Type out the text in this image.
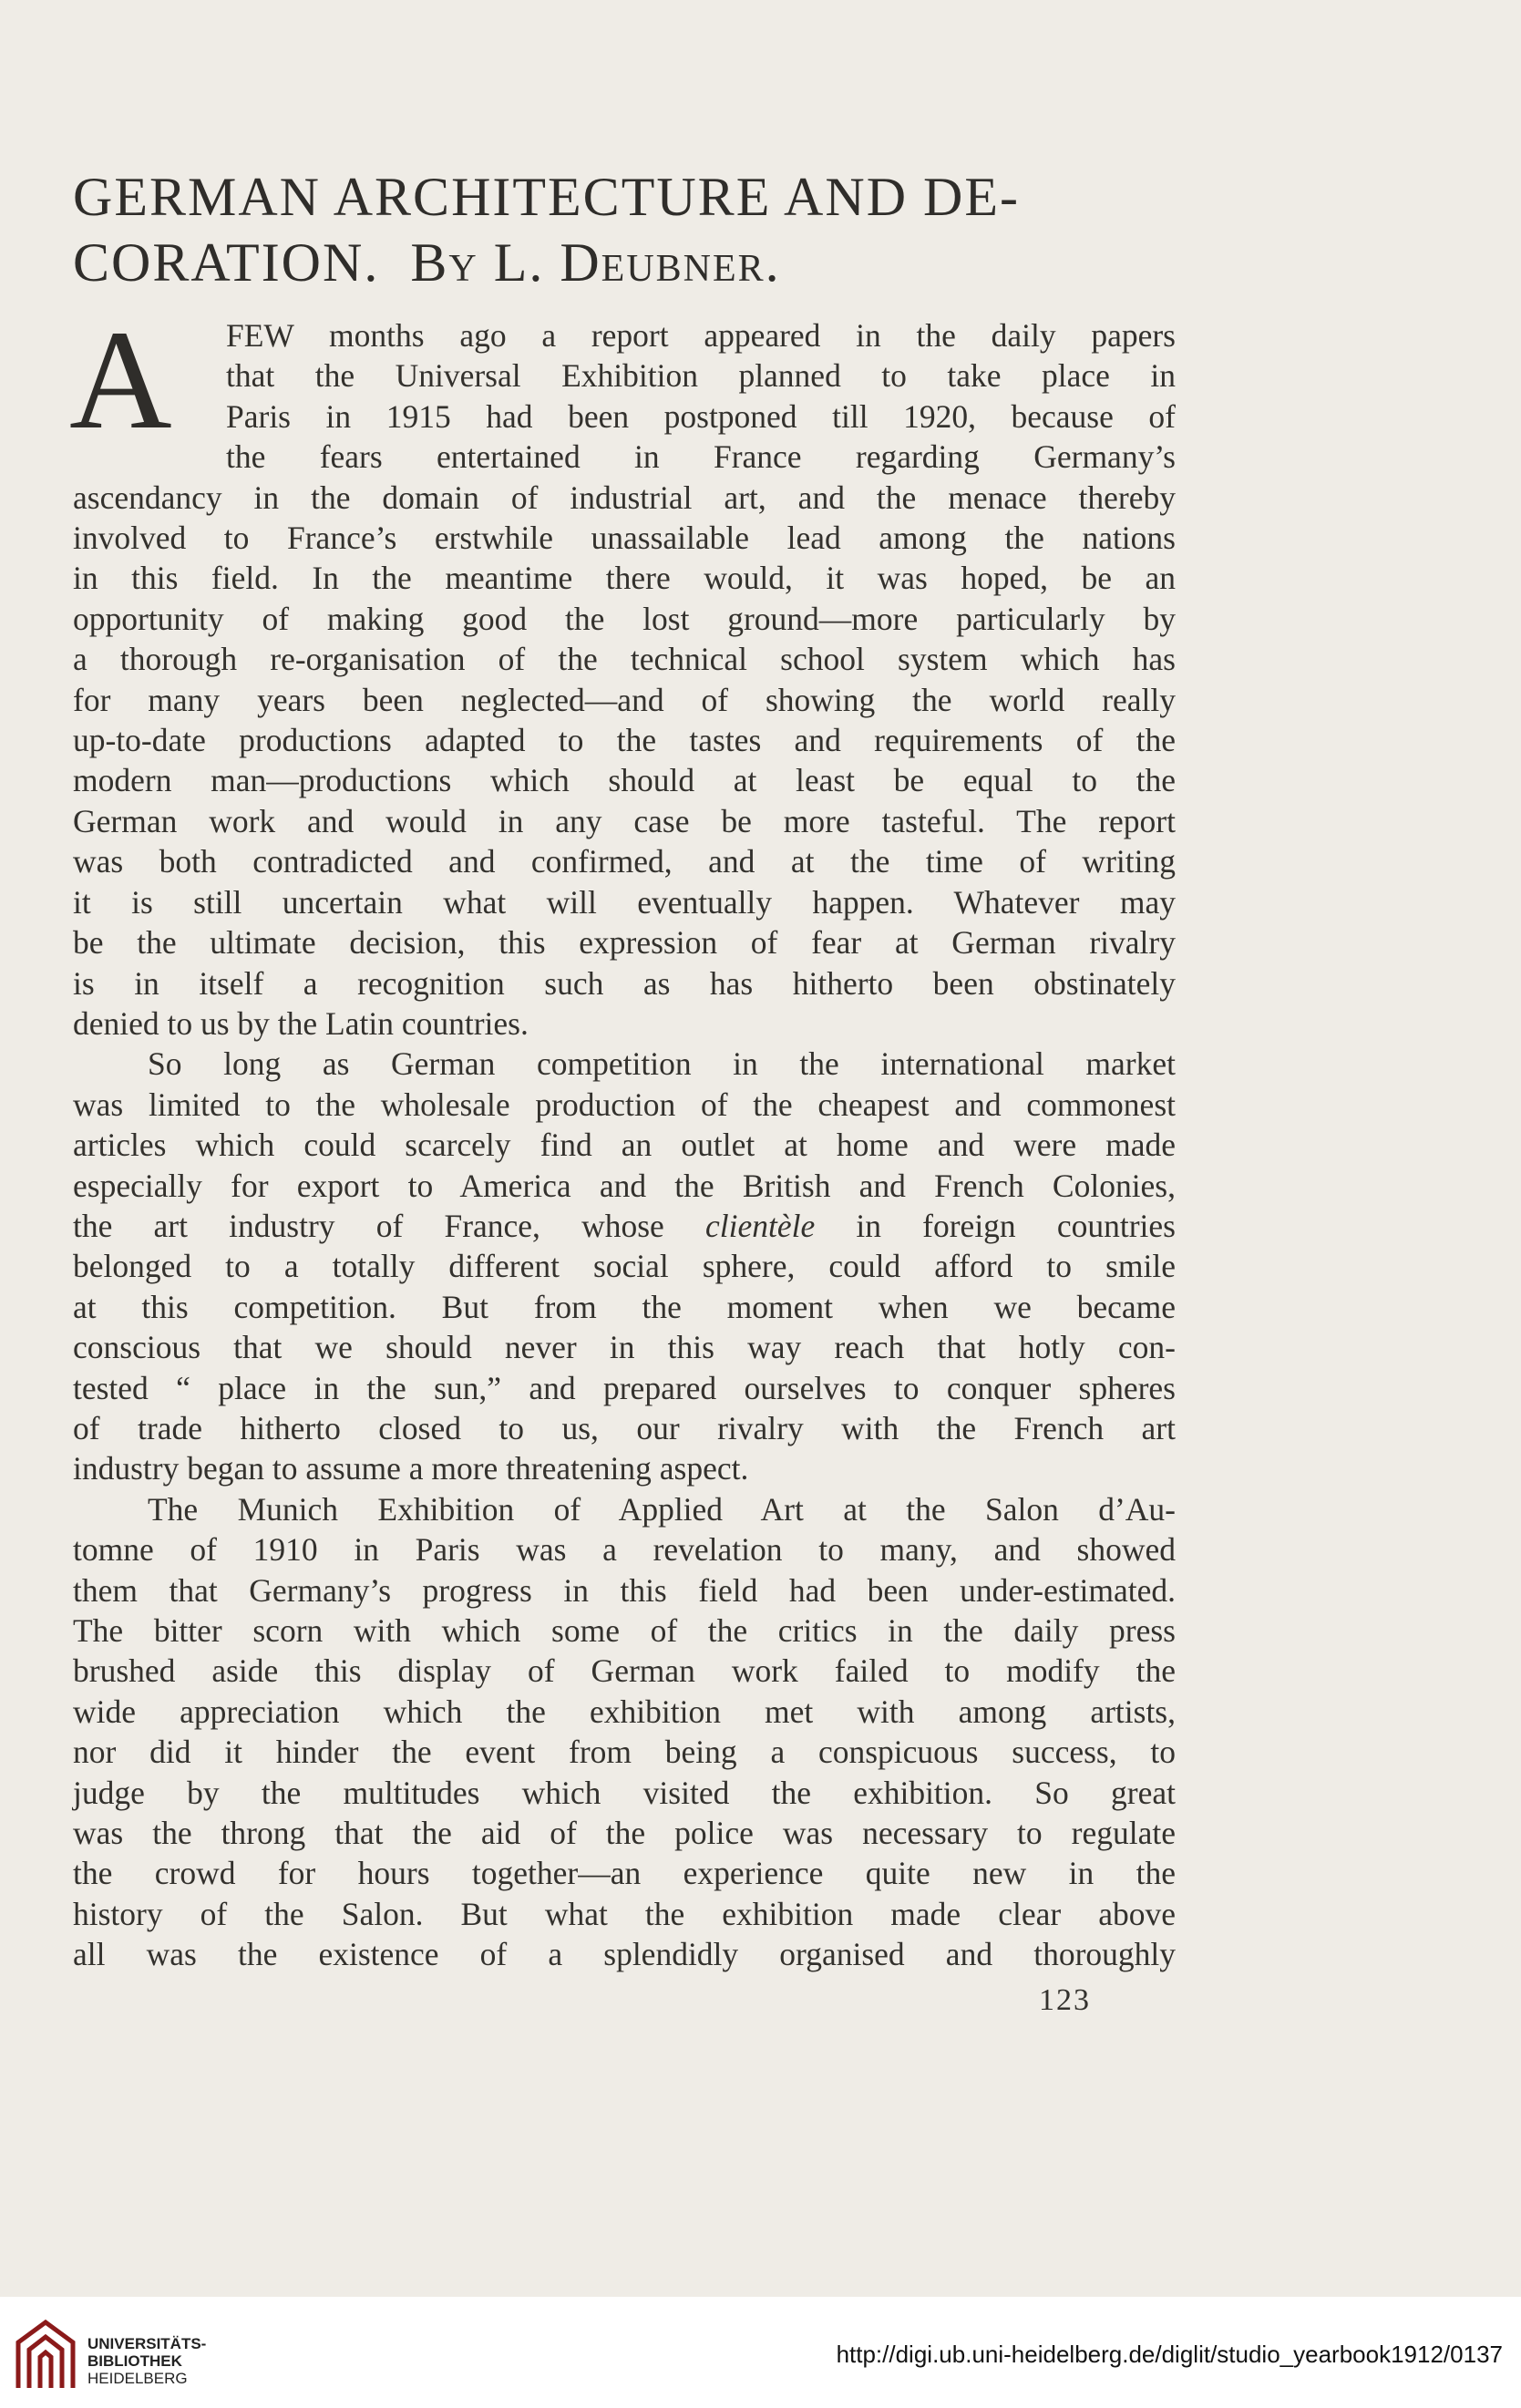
GERMAN ARCHITECTURE AND DE-
CORATION. By L. Deubner.
A	FEW months ago a report appeared in the daily papers
that the Universal Exhibition planned to take place in
Paris in 1915 had been postponed till 1920, because of
the fears entertained in France regarding Germany’s
ascendancy in the domain of industrial art, and the menace thereby
involved to France’s erstwhile unassailable lead among the nations
in this field. In the meantime there would, it was hoped, be an
opportunity of making good the lost ground—more particularly by
a thorough re-organisation of the technical school system which has
for many years been neglected—and of showing the world really
up-to-date productions adapted to the tastes and requirements of the
modern man—productions which should at least be equal to the
German work and would in any case be more tasteful. The report
was both contradicted and confirmed, and at the time of writing
it is still uncertain what will eventually happen. Whatever may
be the ultimate decision, this expression of fear at German rivalry
is in itself a recognition such as has hitherto been obstinately
denied to us by the Latin countries.
So long as German competition in the international market
was limited to the wholesale production of the cheapest and commonest
articles which could scarcely find an outlet at home and were made
especially for export to America and the British and French Colonies,
the art industry of France, whose clientèle in foreign countries
belonged to a totally different social sphere, could afford to smile
at this competition. But from the moment when we became
conscious that we should never in this way reach that hotly con-
tested “ place in the sun,” and prepared ourselves to conquer spheres
of trade hitherto closed to us, our rivalry with the French art
industry began to assume a more threatening aspect.
The Munich Exhibition of Applied Art at the Salon d’Au-
tomne of 1910 in Paris was a revelation to many, and showed
them that Germany’s progress in this field had been under-estimated.
The bitter scorn with which some of the critics in the daily press
brushed aside this display of German work failed to modify the
wide appreciation which the exhibition met with among artists,
nor did it hinder the event from being a conspicuous success, to
judge by the multitudes which visited the exhibition. So great
was the throng that the aid of the police was necessary to regulate
the crowd for hours together—an experience quite new in the
history of the Salon. But what the exhibition made clear above
all was the existence of a splendidly organised and thoroughly
123
UNIVERSITÄTS-
BIBLIOTHEK
HEIDELBERG
http://digi.ub.uni-heidelberg.de/diglit/studio_yearbook1912/0137
